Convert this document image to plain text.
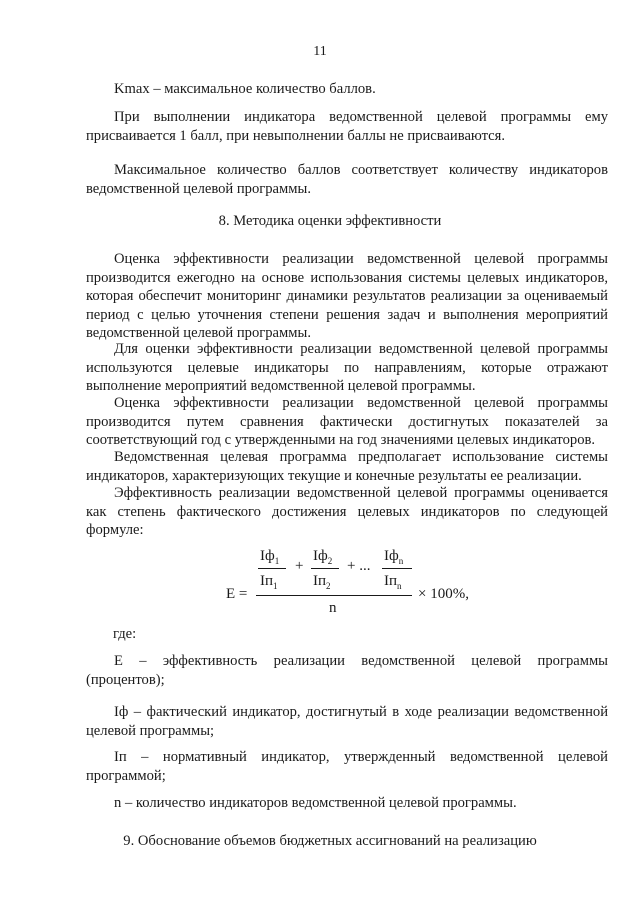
11
Kmax – максимальное количество баллов.
При выполнении индикатора ведомственной целевой программы ему присваивается 1 балл, при невыполнении баллы не присваиваются.
Максимальное количество баллов соответствует количеству индикаторов ведомственной целевой программы.
8. Методика оценки эффективности
Оценка эффективности реализации ведомственной целевой программы производится ежегодно на основе использования системы целевых индикаторов, которая обеспечит мониторинг динамики результатов реализации за оцениваемый период с целью уточнения степени решения задач и выполнения мероприятий ведомственной целевой программы.
Для оценки эффективности реализации ведомственной целевой программы используются целевые индикаторы по направлениям, которые отражают выполнение мероприятий ведомственной целевой программы.
Оценка эффективности реализации ведомственной целевой программы производится путем сравнения фактически достигнутых показателей за соответствующий год с утвержденными на год значениями целевых индикаторов.
Ведомственная целевая программа предполагает использование системы индикаторов, характеризующих текущие и конечные результаты ее реализации.
Эффективность реализации ведомственной целевой программы оценивается как степень фактического достижения целевых индикаторов по следующей формуле:
$Iф_1$
$Iп_1$
+
$Iф_2$
$Iп_2$
+ ...
$Iф_n$
$Iп_n$
E =
n
× 100%,
где:
E – эффективность реализации ведомственной целевой программы (процентов);
Iф – фактический индикатор, достигнутый в ходе реализации ведомственной целевой программы;
Iп – нормативный индикатор, утвержденный ведомственной целевой программой;
n – количество индикаторов ведомственной целевой программы.
9. Обоснование объемов бюджетных ассигнований на реализацию
